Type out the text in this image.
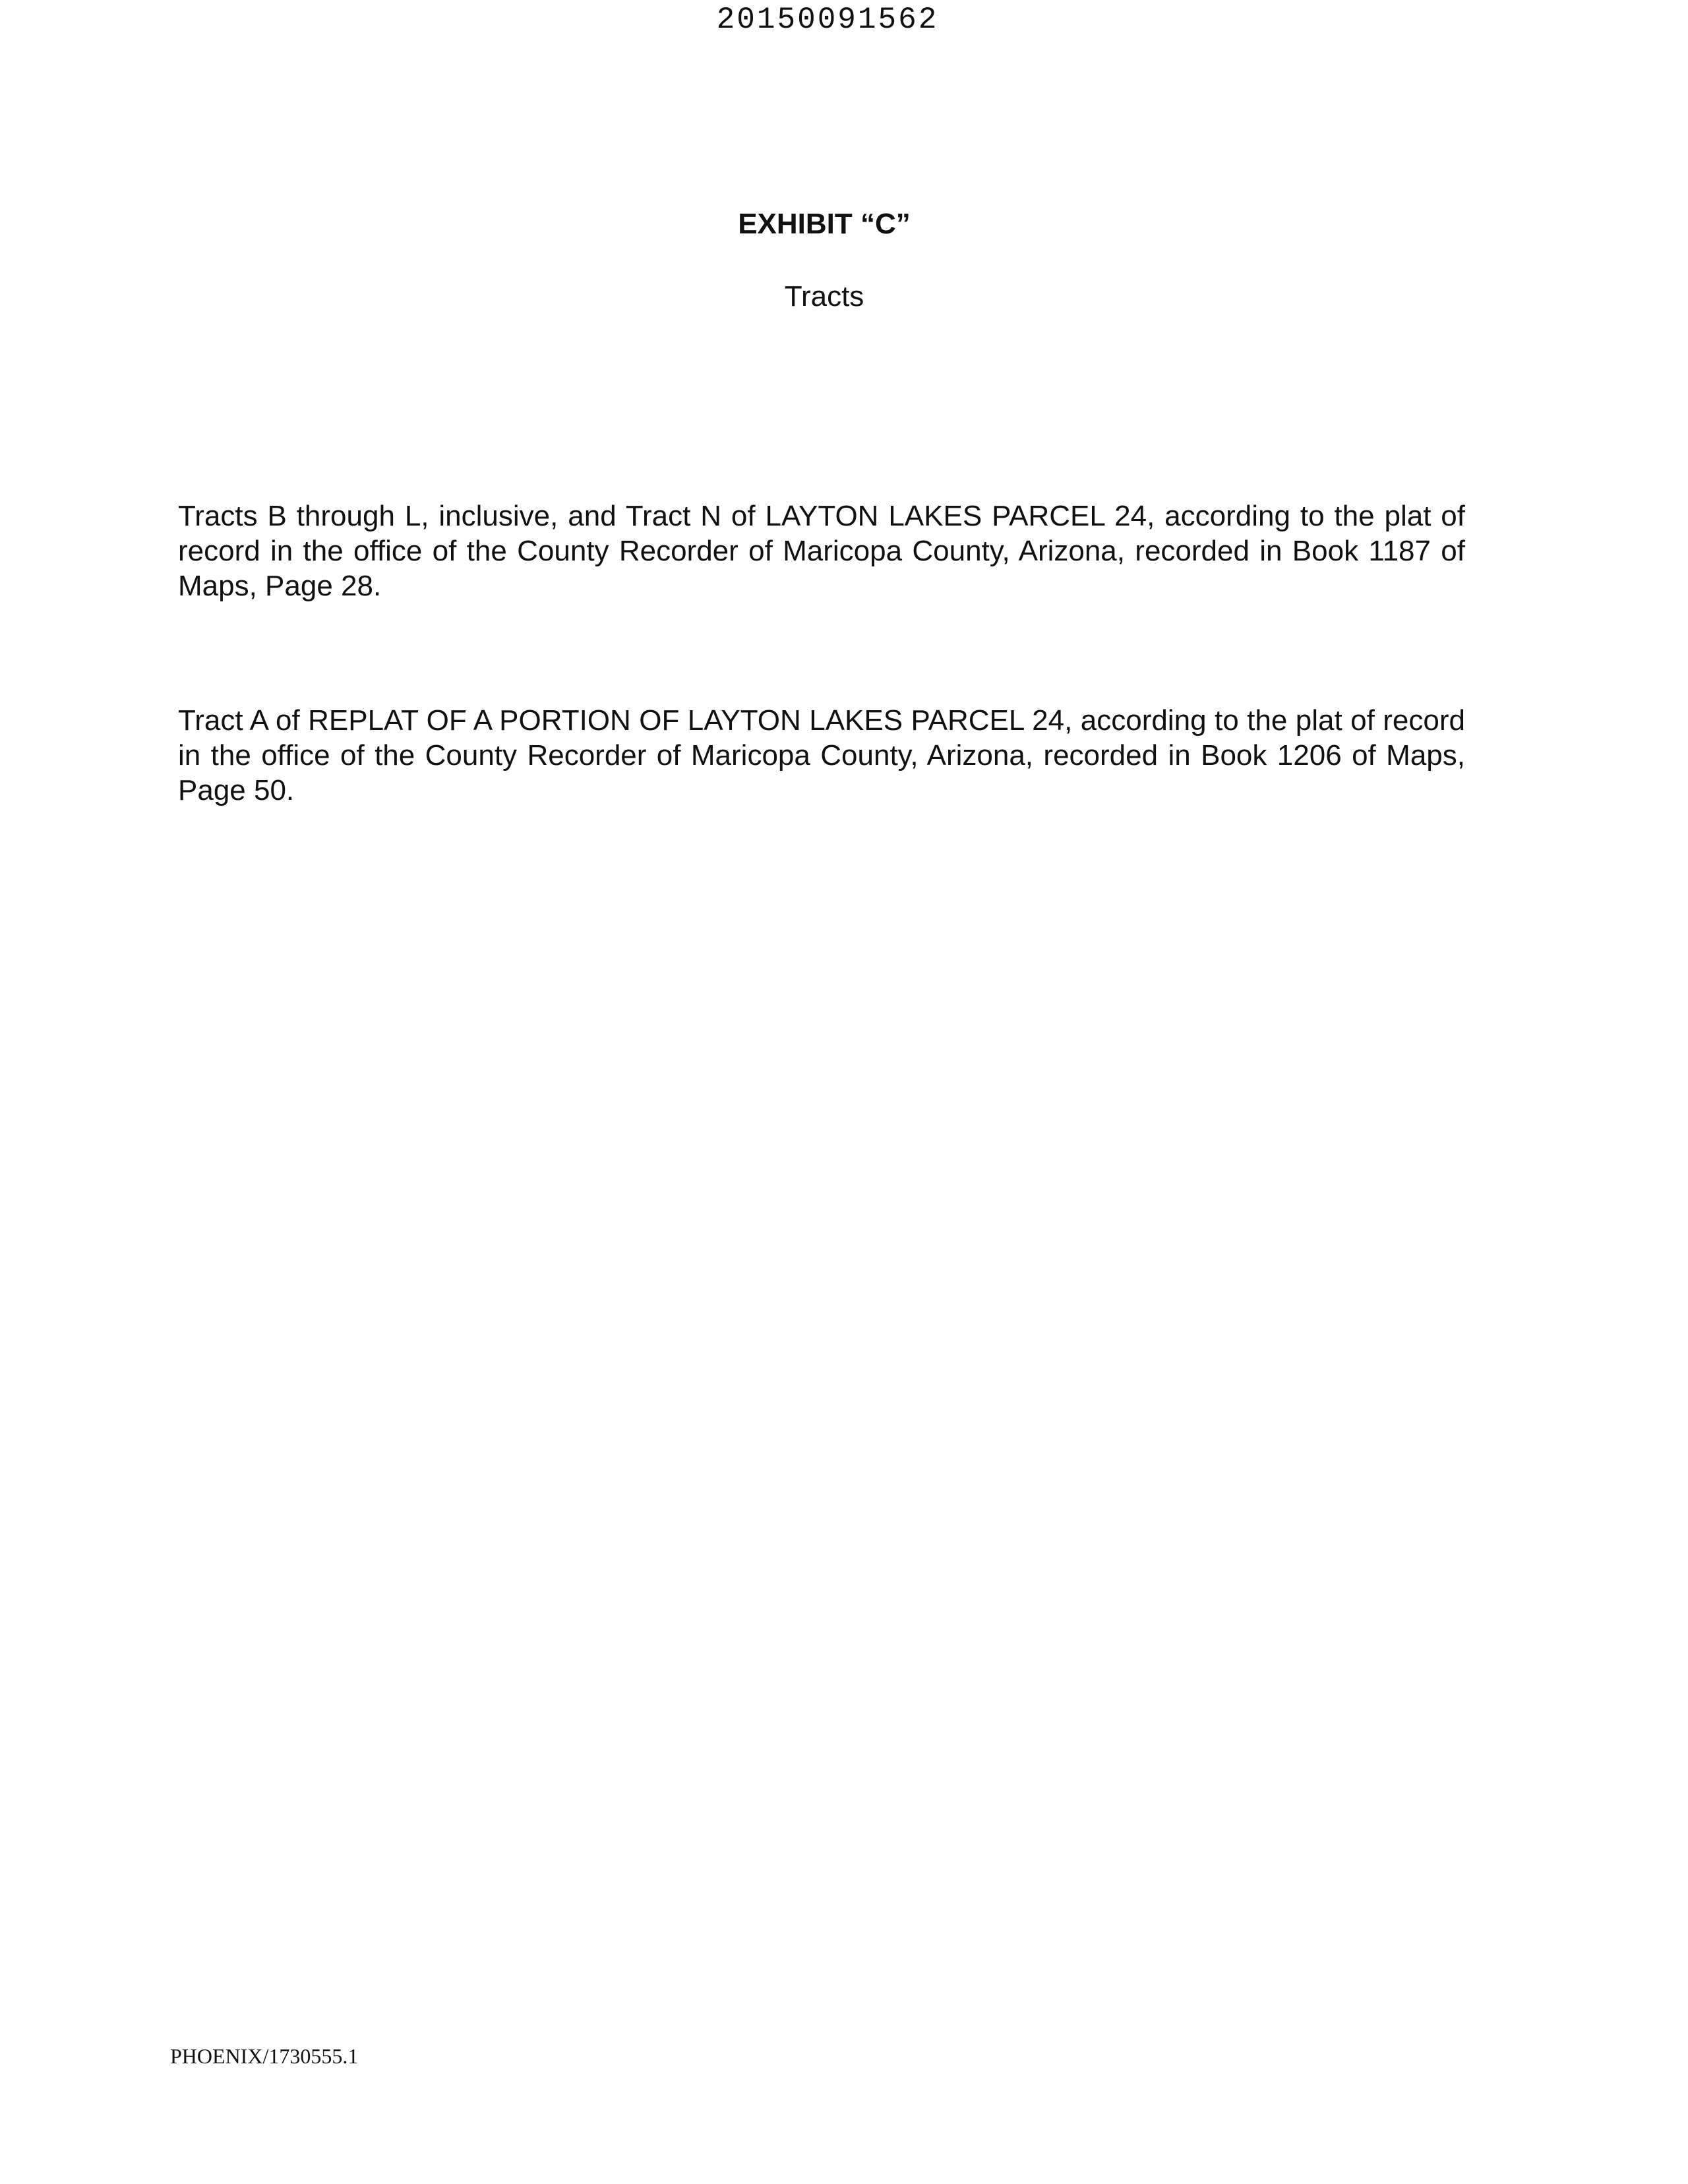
20150091562
EXHIBIT “C”
Tracts
Tracts B through L, inclusive, and Tract N of LAYTON LAKES PARCEL 24, according to the plat of record in the office of the County Recorder of Maricopa County, Arizona, recorded in Book 1187 of Maps, Page 28.
Tract A of REPLAT OF A PORTION OF LAYTON LAKES PARCEL 24, according to the plat of record in the office of the County Recorder of Maricopa County, Arizona, recorded in Book 1206 of Maps, Page 50.
PHOENIX/1730555.1
